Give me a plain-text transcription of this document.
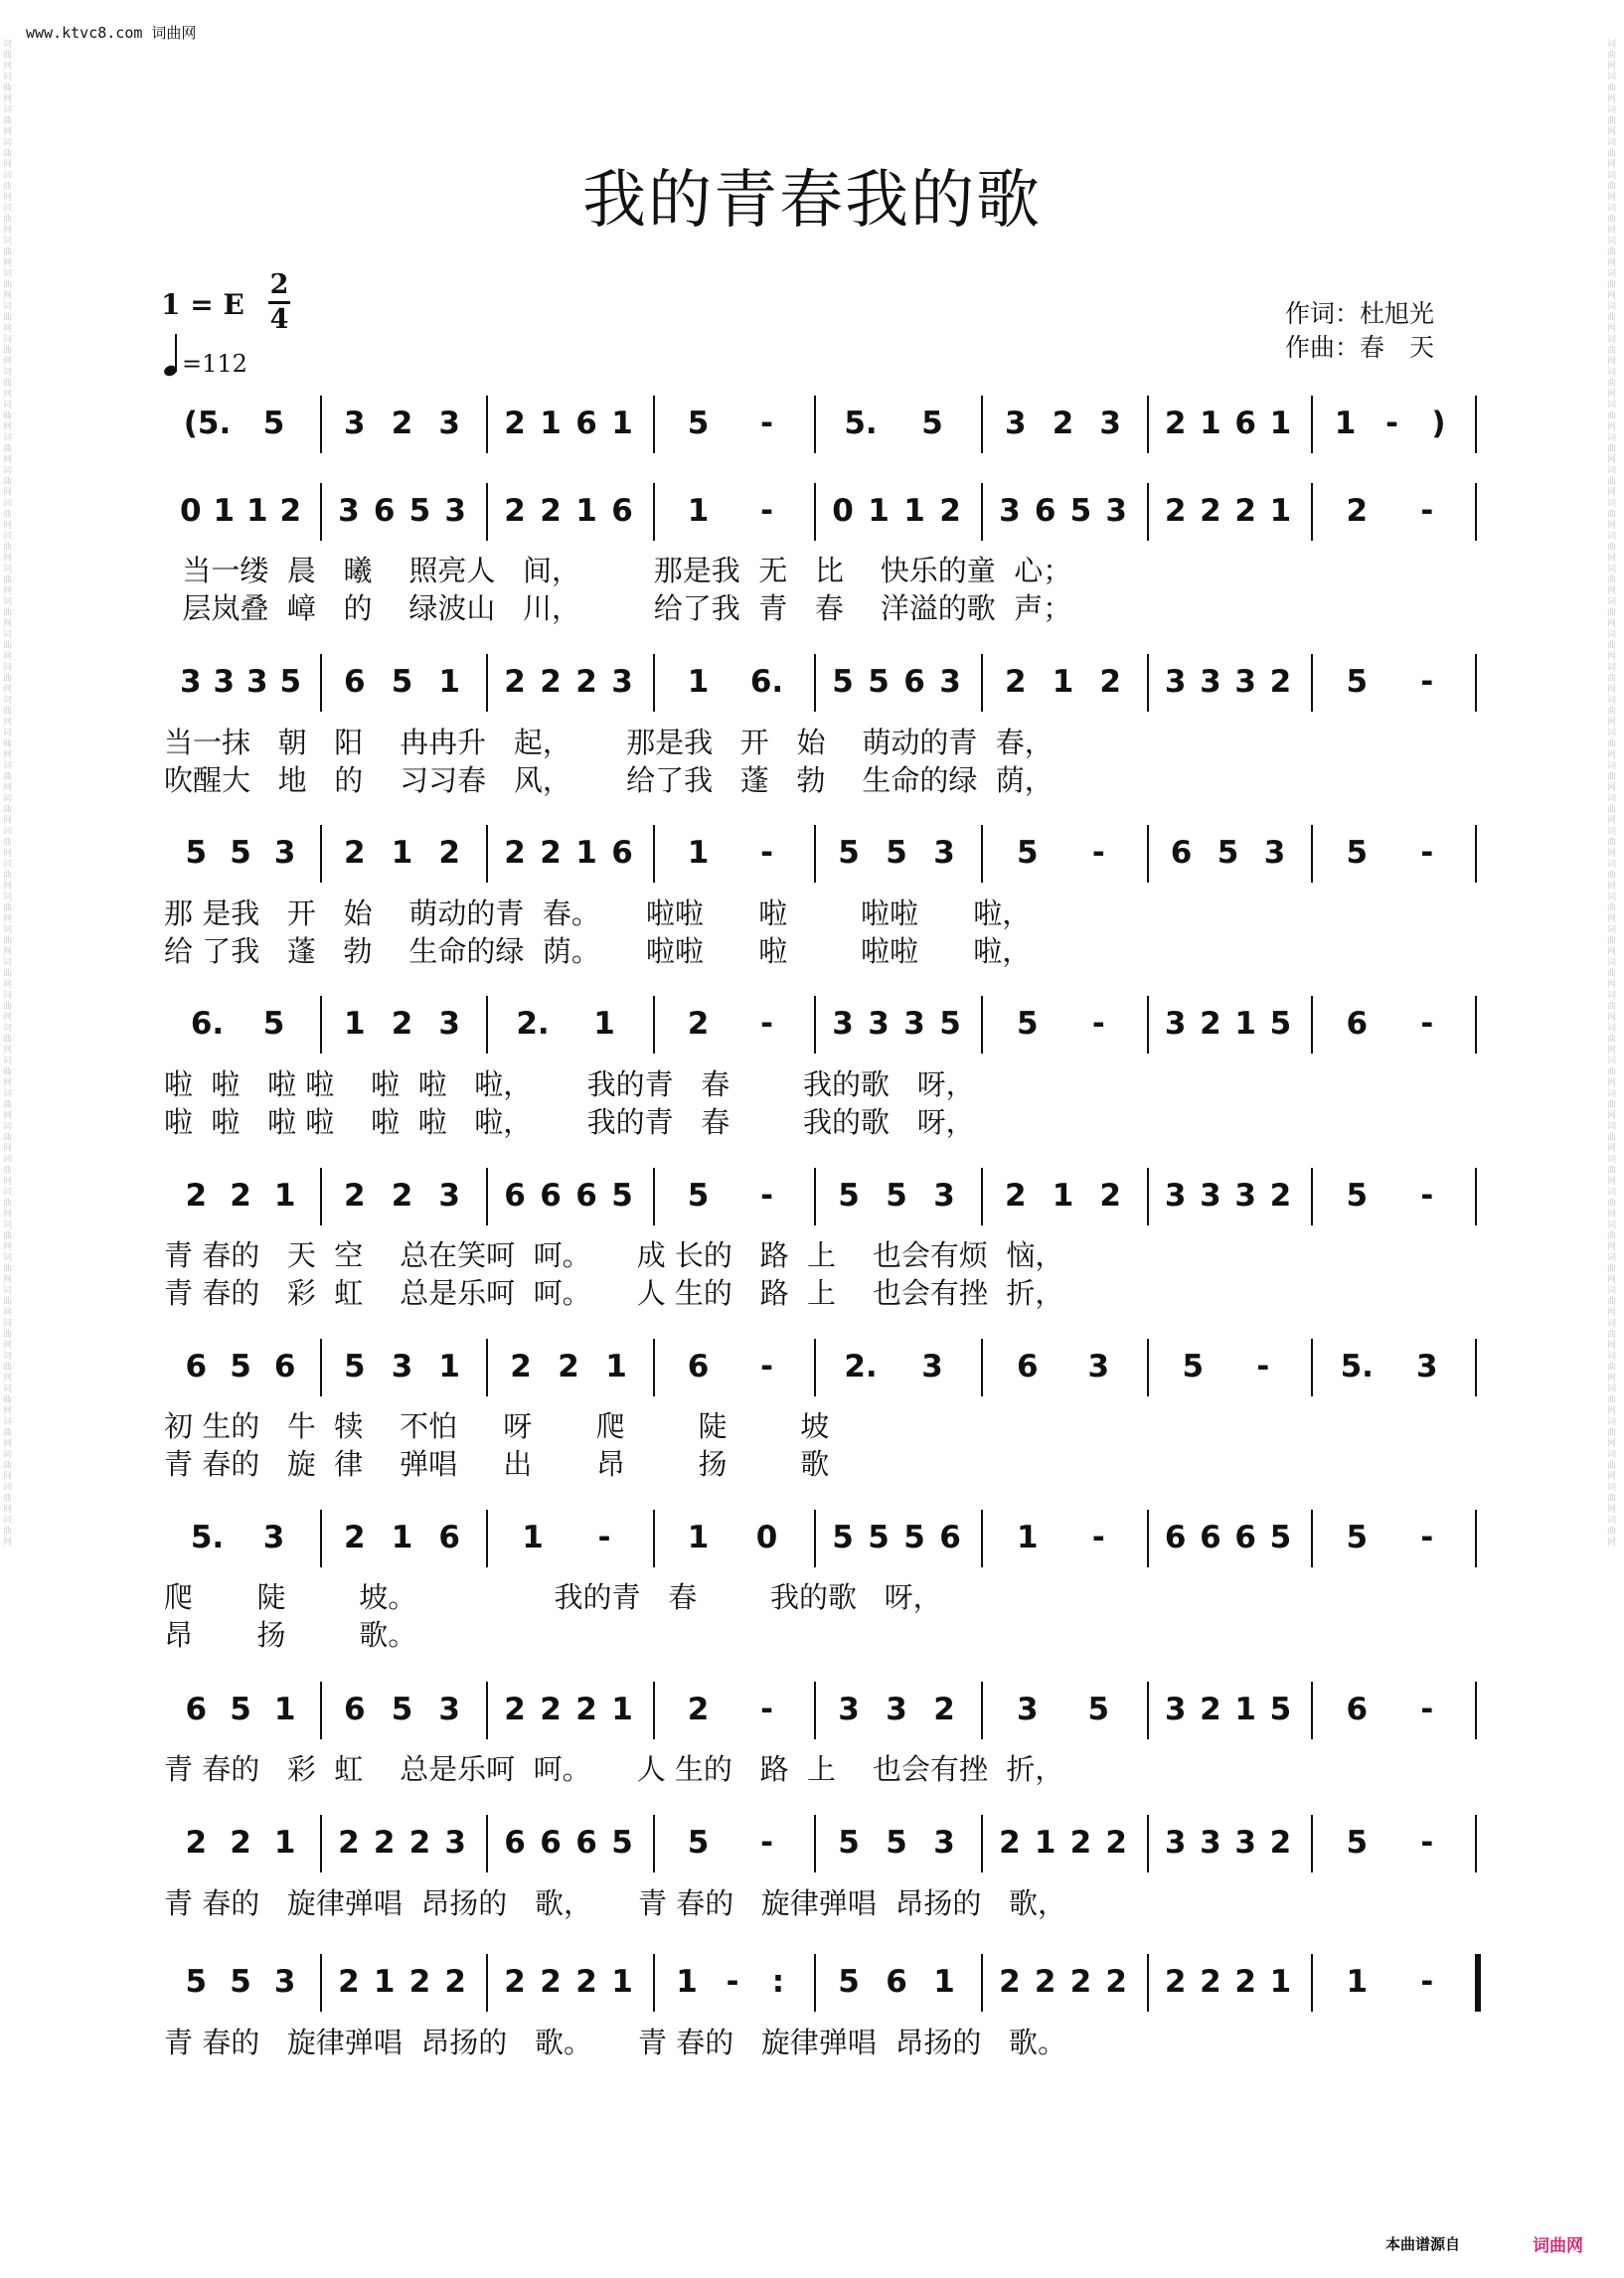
www.ktvc8.com 词曲网
词曲网词曲网词曲网词曲网词曲网词曲网词曲网词曲网词曲网词曲网词曲网词曲网词曲网词曲网词曲网词曲网词曲网词曲网词曲网词曲网词曲网词曲网词曲网词曲网词曲网词曲网词曲网词曲网词曲网词曲网词曲网词曲网词曲网词曲网词曲网词曲网词曲网词曲网词曲网词曲网词曲网词曲网词曲网词曲网词曲网词曲网
词曲网词曲网词曲网词曲网词曲网词曲网词曲网词曲网词曲网词曲网词曲网词曲网词曲网词曲网词曲网词曲网词曲网词曲网词曲网词曲网词曲网词曲网词曲网词曲网词曲网词曲网词曲网词曲网词曲网词曲网词曲网词曲网词曲网词曲网词曲网词曲网词曲网词曲网词曲网词曲网词曲网词曲网词曲网词曲网词曲网词曲网
我的青春我的歌
1 = E
2
4
=112
作词：杜旭光
作曲：春　天
当一缕  晨   曦    照亮人   间，        那是我  无   比    快乐的童  心；
层岚叠  嶂   的    绿波山   川，        给了我  青   春    洋溢的歌  声；
当一抹   朝   阳    冉冉升   起，      那是我   开   始    萌动的青  春，
吹醒大   地   的    习习春   风，      给了我   蓬   勃    生命的绿  荫，
那 是我   开   始    萌动的青  春。     啦啦      啦        啦啦      啦，
给 了我   蓬   勃    生命的绿  荫。     啦啦      啦        啦啦      啦，
啦  啦   啦 啦    啦  啦   啦，      我的青   春        我的歌   呀，
啦  啦   啦 啦    啦  啦   啦，      我的青   春        我的歌   呀，
青 春的   天  空    总在笑呵  呵。     成 长的   路  上    也会有烦  恼，
青 春的   彩  虹    总是乐呵  呵。     人 生的   路  上    也会有挫  折，
初 生的   牛  犊    不怕     呀       爬        陡        坡
青 春的   旋  律    弹唱     出       昂        扬        歌
爬       陡        坡。               我的青   春        我的歌   呀，
昂       扬        歌。
青 春的   彩  虹    总是乐呵  呵。     人 生的   路  上    也会有挫  折，
青 春的   旋律弹唱  昂扬的   歌，     青 春的   旋律弹唱  昂扬的   歌，
青 春的   旋律弹唱  昂扬的   歌。     青 春的   旋律弹唱  昂扬的   歌。
(5. 5 3 2 3 2 1 6 1 5 - 5. 5 3 2 3 2 1 6 1 1 - )
0 1 1 2 3 6 5 3 2 2 1 6 1 - 0 1 1 2 3 6 5 3 2 2 2 1 2 -
3 3 3 5 6 5 1 2 2 2 3 1 6. 5 5 6 3 2 1 2 3 3 3 2 5 -
5 5 3 2 1 2 2 2 1 6 1 - 5 5 3 5 - 6 5 3 5 -
6. 5 1 2 3 2. 1 2 - 3 3 3 5 5 - 3 2 1 5 6 -
2 2 1 2 2 3 6 6 6 5 5 - 5 5 3 2 1 2 3 3 3 2 5 -
6 5 6 5 3 1 2 2 1 6 - 2. 3 6 3 5 - 5. 3
5. 3 2 1 6 1 - 1 0 5 5 5 6 1 - 6 6 6 5 5 -
6 5 1 6 5 3 2 2 2 1 2 - 3 3 2 3 5 3 2 1 5 6 -
2 2 1 2 2 2 3 6 6 6 5 5 - 5 5 3 2 1 2 2 3 3 3 2 5 -
5 5 3 2 1 2 2 2 2 2 1 1 - : 5 6 1 2 2 2 2 2 2 2 1 1 -
本曲谱源自	词曲网
